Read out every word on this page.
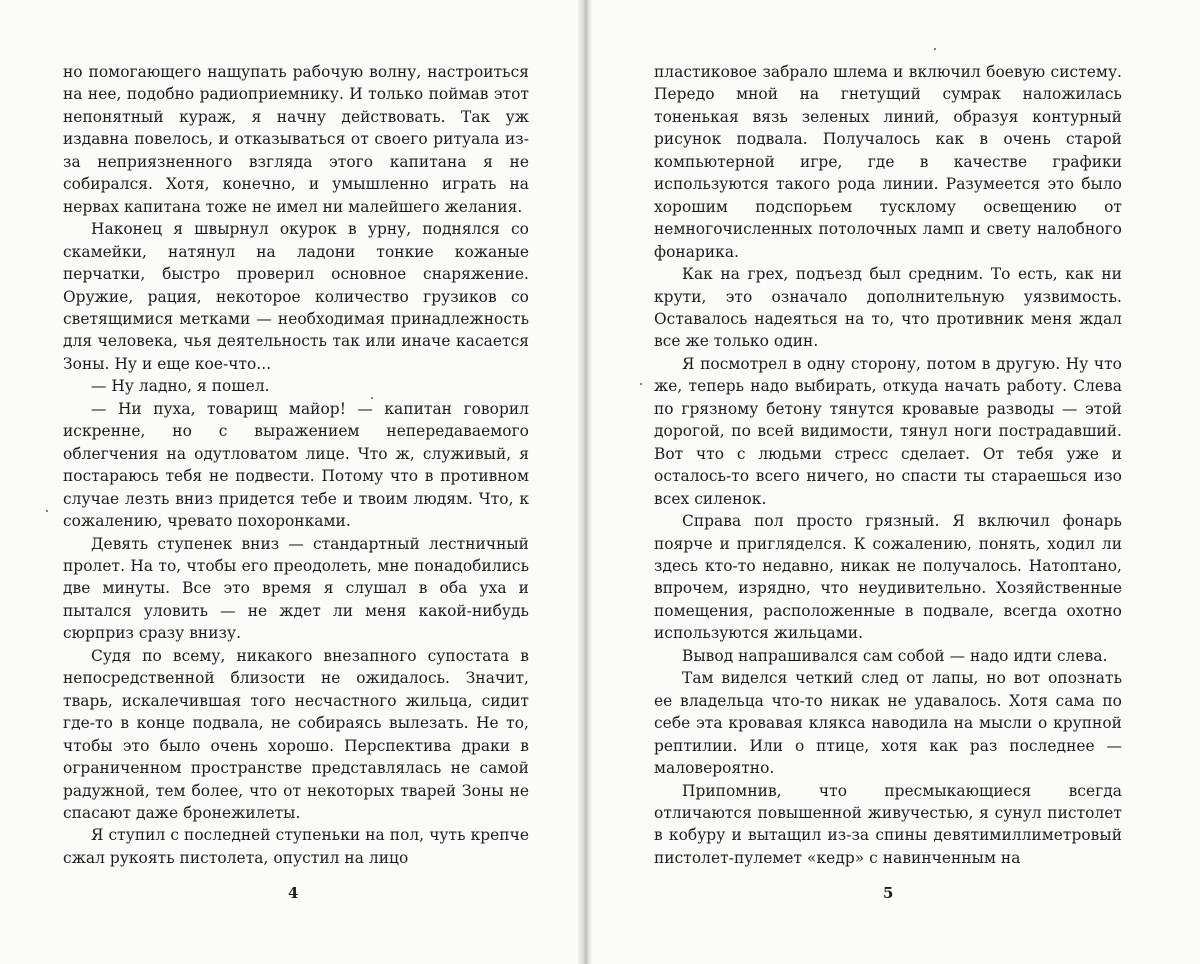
но помогающего нащупать рабочую волну, настроиться на нее, подобно радиоприемнику. И только поймав этот непонятный кураж, я начну действовать. Так уж издавна повелось, и отказываться от своего ритуала из-за неприязненного взгляда этого капитана я не собирался. Хотя, конечно, и умышленно играть на нервах капитана тоже не имел ни малейшего желания.

Наконец я швырнул окурок в урну, поднялся со скамейки, натянул на ладони тонкие кожаные перчатки, быстро проверил основное снаряжение. Оружие, рация, некоторое количество грузиков со светящимися метками — необходимая принадлежность для человека, чья деятельность так или иначе касается Зоны. Ну и еще кое-что...

— Ну ладно, я пошел.

— Ни пуха, товарищ майор! — капитан говорил искренне, но с выражением непередаваемого облегчения на одутловатом лице. Что ж, служивый, я постараюсь тебя не подвести. Потому что в противном случае лезть вниз придется тебе и твоим людям. Что, к сожалению, чревато похоронками.

Девять ступенек вниз — стандартный лестничный пролет. На то, чтобы его преодолеть, мне понадобились две минуты. Все это время я слушал в оба уха и пытался уловить — не ждет ли меня какой-нибудь сюрприз сразу внизу.

Судя по всему, никакого внезапного супостата в непосредственной близости не ожидалось. Значит, тварь, искалечившая того несчастного жильца, сидит где-то в конце подвала, не собираясь вылезать. Не то, чтобы это было очень хорошо. Перспектива драки в ограниченном пространстве представлялась не самой радужной, тем более, что от некоторых тварей Зоны не спасают даже бронежилеты.

Я ступил с последней ступеньки на пол, чуть крепче сжал рукоять пистолета, опустил на лицо

4

пластиковое забрало шлема и включил боевую систему. Передо мной на гнетущий сумрак наложилась тоненькая вязь зеленых линий, образуя контурный рисунок подвала. Получалось как в очень старой компьютерной игре, где в качестве графики используются такого рода линии. Разумеется это было хорошим подспорьем тусклому освещению от немногочисленных потолочных ламп и свету налобного фонарика.

Как на грех, подъезд был средним. То есть, как ни крути, это означало дополнительную уязвимость. Оставалось надеяться на то, что противник меня ждал все же только один.

Я посмотрел в одну сторону, потом в другую. Ну что же, теперь надо выбирать, откуда начать работу. Слева по грязному бетону тянутся кровавые разводы — этой дорогой, по всей видимости, тянул ноги пострадавший. Вот что с людьми стресс сделает. От тебя уже и осталось-то всего ничего, но спасти ты стараешься изо всех силенок.

Справа пол просто грязный. Я включил фонарь поярче и пригляделся. К сожалению, понять, ходил ли здесь кто-то недавно, никак не получалось. Натоптано, впрочем, изрядно, что неудивительно. Хозяйственные помещения, расположенные в подвале, всегда охотно используются жильцами.

Вывод напрашивался сам собой — надо идти слева.

Там виделся четкий след от лапы, но вот опознать ее владельца что-то никак не удавалось. Хотя сама по себе эта кровавая клякса наводила на мысли о крупной рептилии. Или о птице, хотя как раз последнее — маловероятно.

Припомнив, что пресмыкающиеся всегда отличаются повышенной живучестью, я сунул пистолет в кобуру и вытащил из-за спины девятимиллиметровый пистолет-пулемет «кедр» с навинченным на

5
